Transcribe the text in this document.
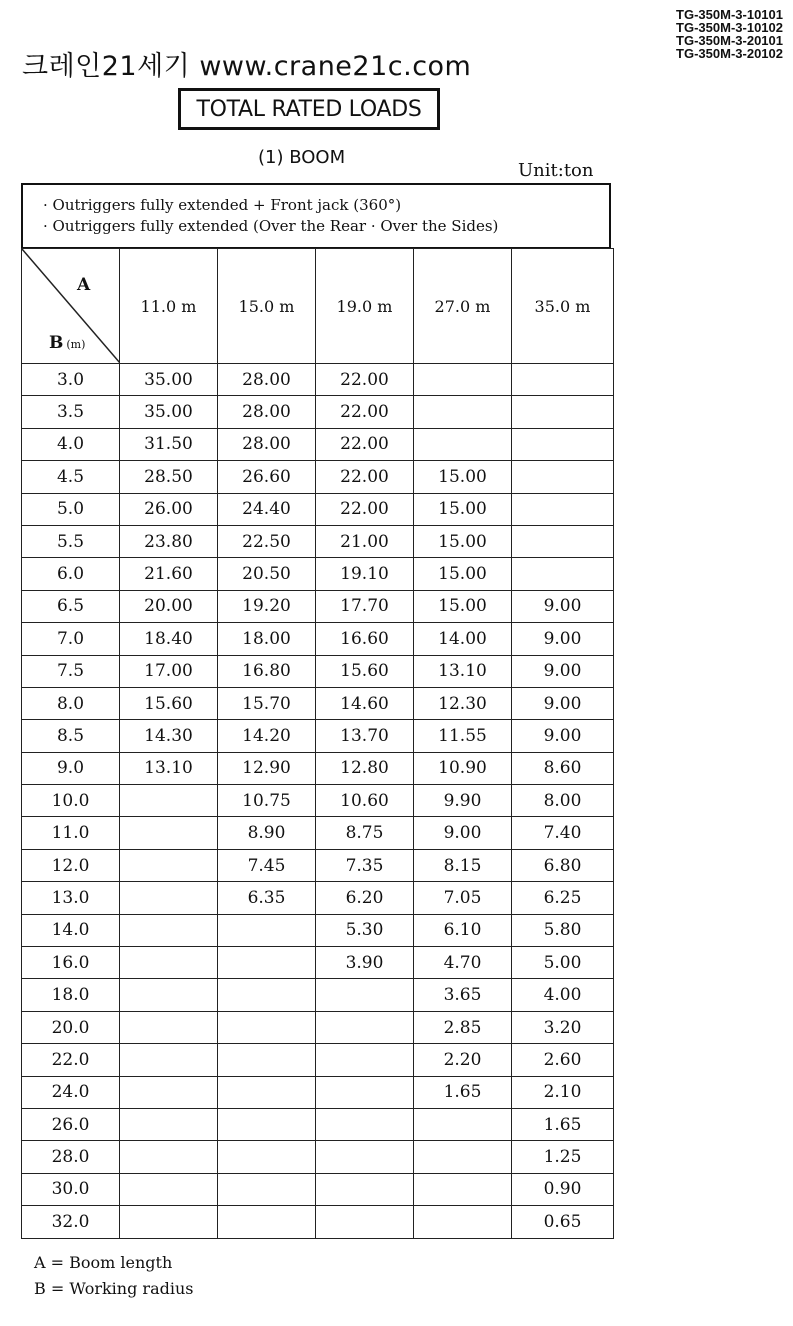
TG-350M-3-10101
TG-350M-3-10102
TG-350M-3-20101
TG-350M-3-20102
크레인21세기 www.crane21c.com
TOTAL RATED LOADS
(1) BOOM
Unit:ton
· Outriggers fully extended + Front jack (360°)
· Outriggers fully extended (Over the Rear · Over the Sides)
A
B (m)	11.0 m	15.0 m	19.0 m	27.0 m	35.0 m
3.0	35.00	28.00	22.00		
3.5	35.00	28.00	22.00		
4.0	31.50	28.00	22.00		
4.5	28.50	26.60	22.00	15.00	
5.0	26.00	24.40	22.00	15.00	
5.5	23.80	22.50	21.00	15.00	
6.0	21.60	20.50	19.10	15.00	
6.5	20.00	19.20	17.70	15.00	9.00
7.0	18.40	18.00	16.60	14.00	9.00
7.5	17.00	16.80	15.60	13.10	9.00
8.0	15.60	15.70	14.60	12.30	9.00
8.5	14.30	14.20	13.70	11.55	9.00
9.0	13.10	12.90	12.80	10.90	8.60
10.0		10.75	10.60	9.90	8.00
11.0		8.90	8.75	9.00	7.40
12.0		7.45	7.35	8.15	6.80
13.0		6.35	6.20	7.05	6.25
14.0			5.30	6.10	5.80
16.0			3.90	4.70	5.00
18.0				3.65	4.00
20.0				2.85	3.20
22.0				2.20	2.60
24.0				1.65	2.10
26.0					1.65
28.0					1.25
30.0					0.90
32.0					0.65
A = Boom length
B = Working radius
